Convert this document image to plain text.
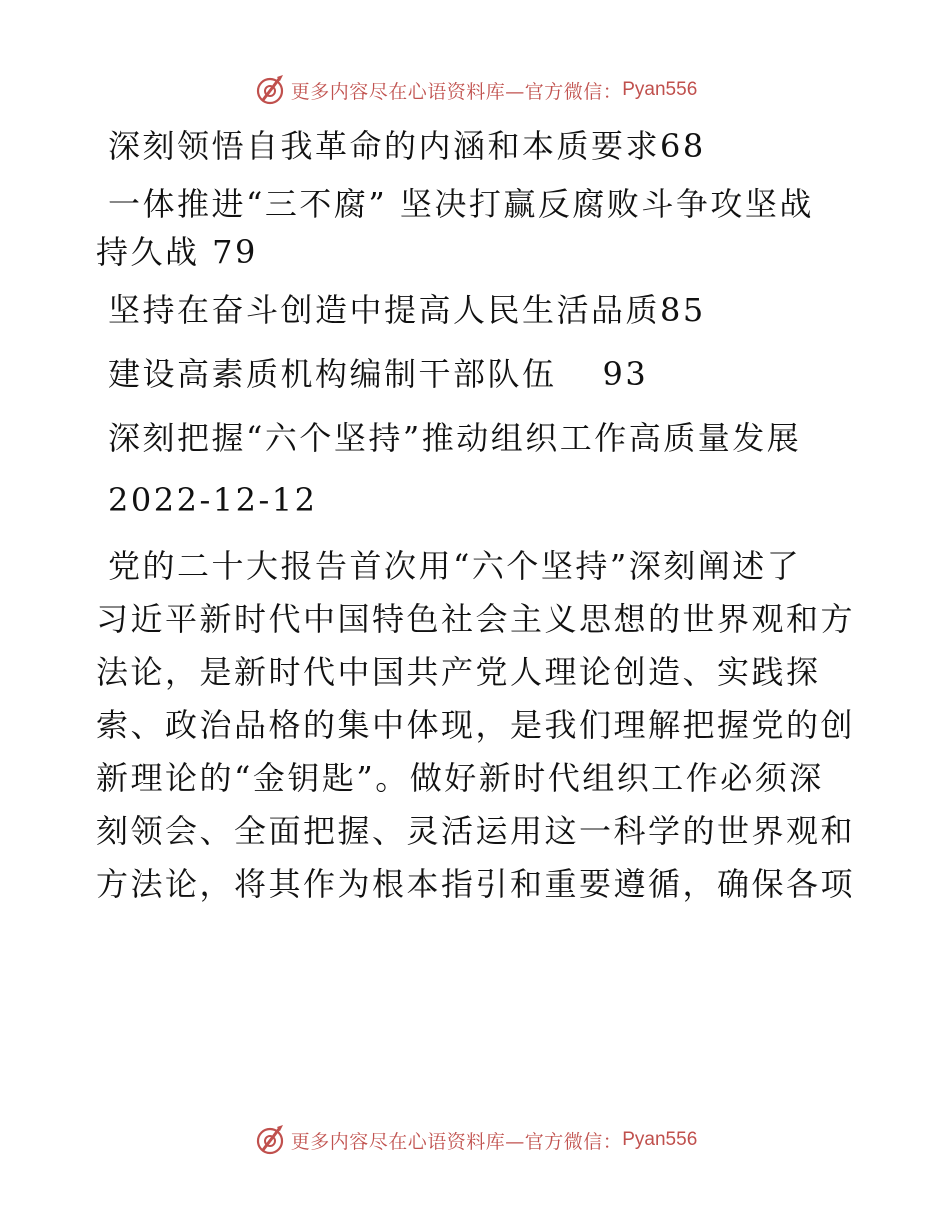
更多内容尽在心语资料库—官方微信： Pyan556
深刻领悟自我革命的内涵和本质要求68
一体推进“三不腐” 坚决打赢反腐败斗争攻坚战
持久战 79
坚持在奋斗创造中提高人民生活品质85
建设高素质机构编制干部队伍 93
深刻把握“六个坚持”推动组织工作高质量发展
2022-12-12
党的二十大报告首次用“六个坚持”深刻阐述了
习近平新时代中国特色社会主义思想的世界观和方
法论，是新时代中国共产党人理论创造、实践探
索、政治品格的集中体现，是我们理解把握党的创
新理论的“金钥匙”。做好新时代组织工作必须深
刻领会、全面把握、灵活运用这一科学的世界观和
方法论，将其作为根本指引和重要遵循，确保各项
更多内容尽在心语资料库—官方微信： Pyan556
